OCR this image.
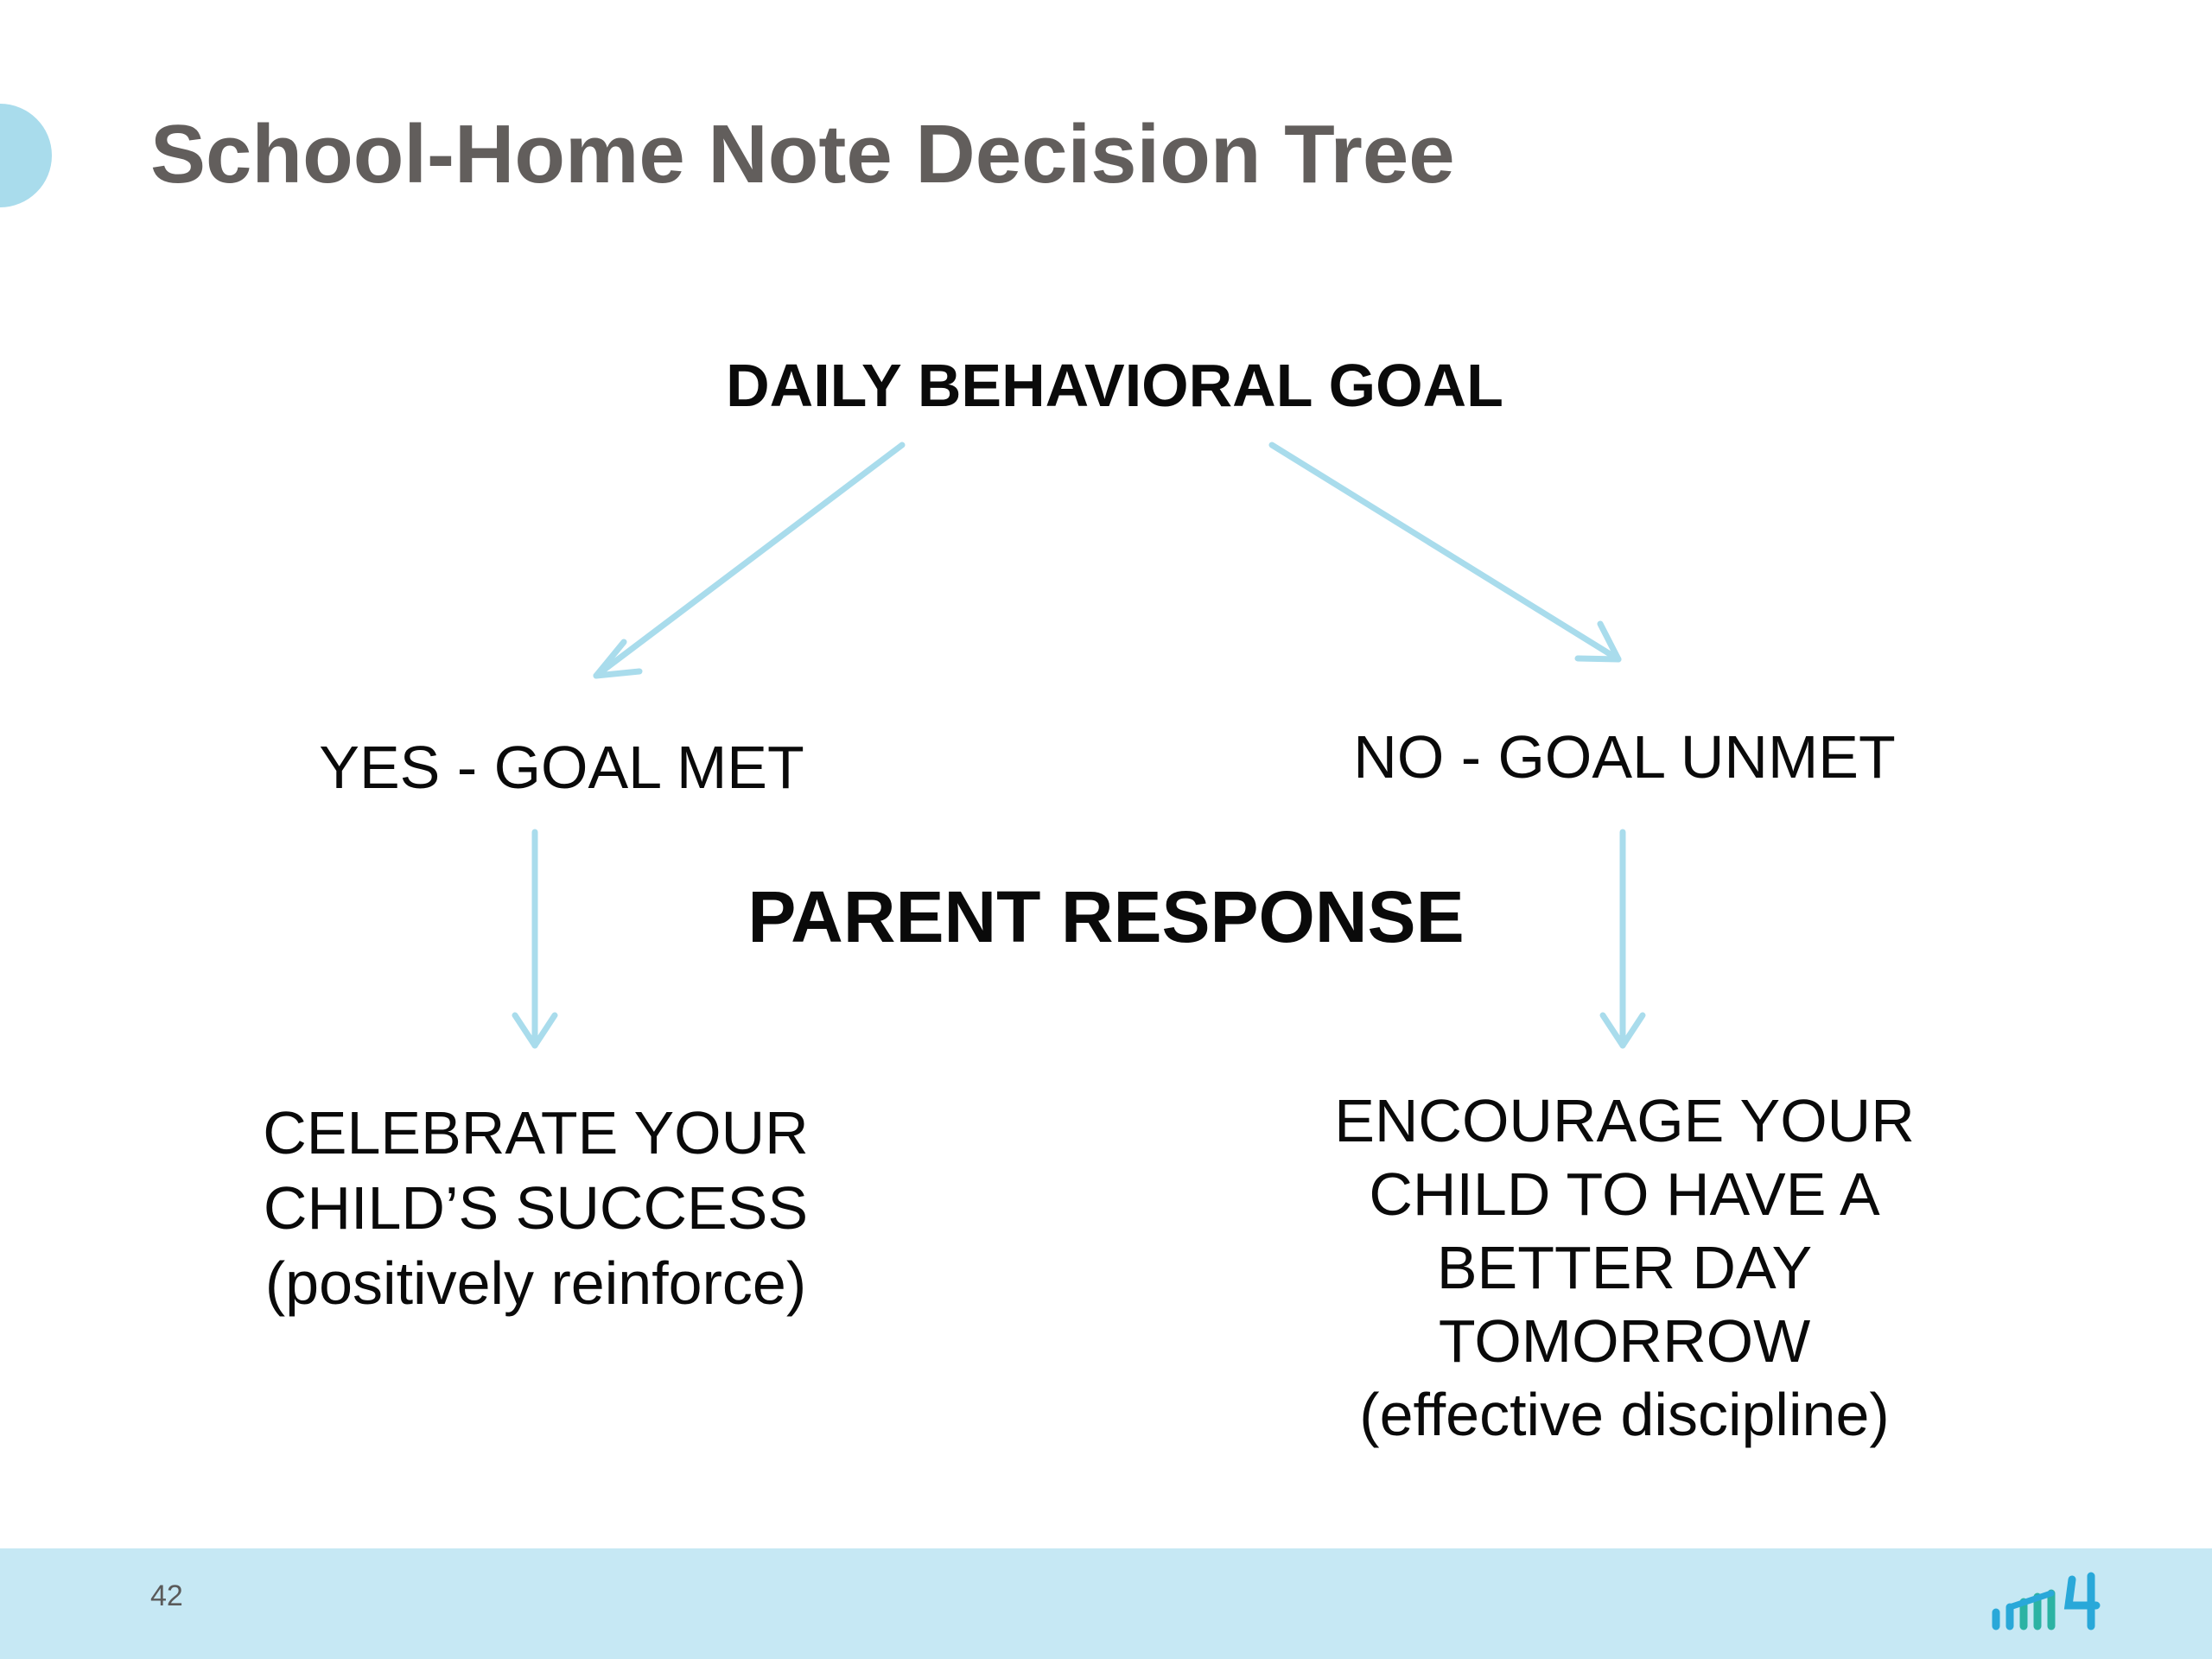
School-Home Note Decision Tree
DAILY BEHAVIORAL GOAL
YES - GOAL MET	NO - GOAL UNMET
PARENT RESPONSE
CELEBRATE YOUR
CHILD’S SUCCESS
(positively reinforce)
ENCOURAGE YOUR
CHILD TO HAVE A
BETTER DAY
TOMORROW
(effective discipline)
42
